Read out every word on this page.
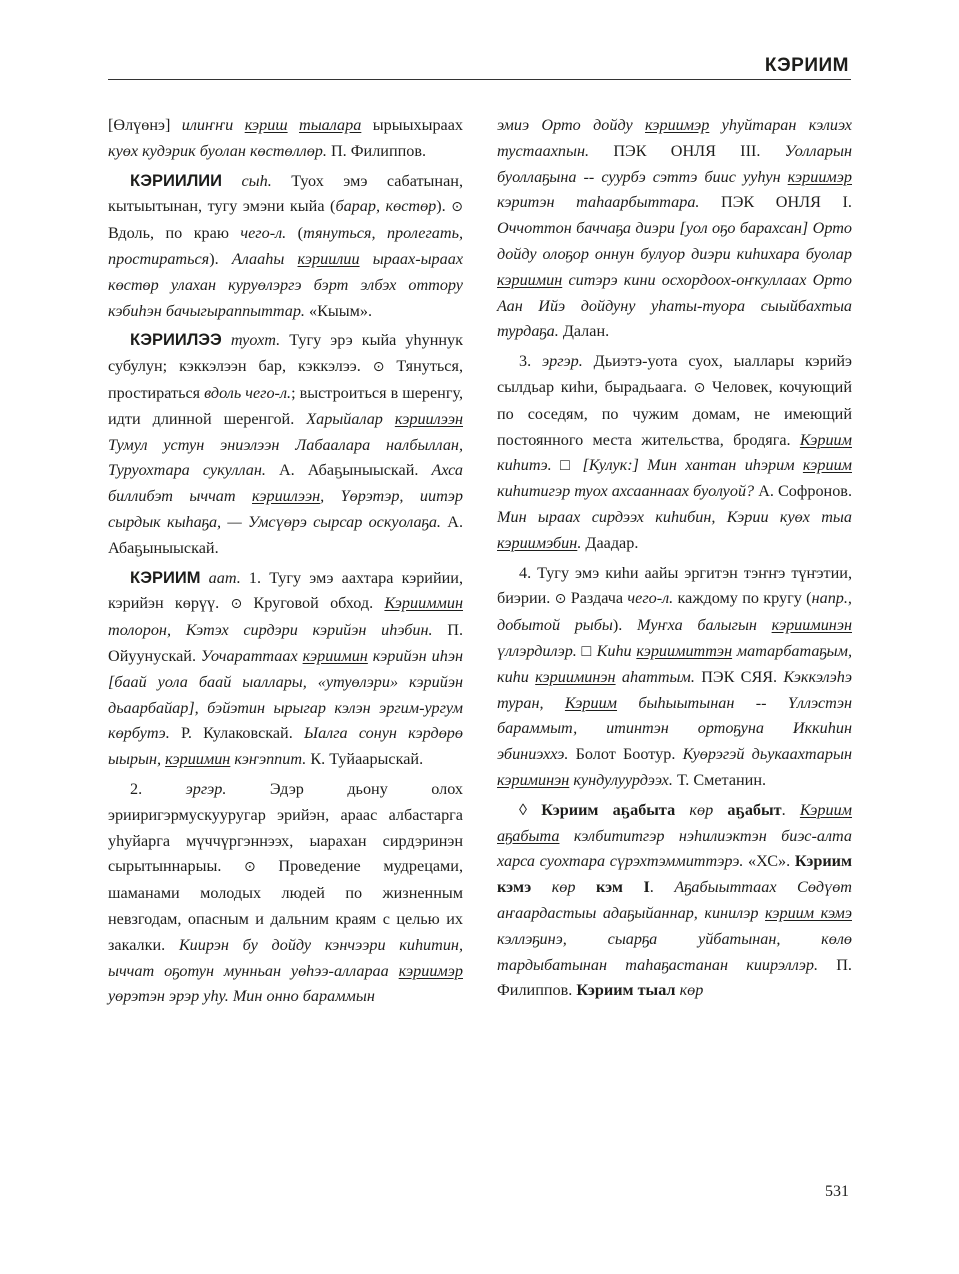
КЭРИИМ

[Өлүөнэ] илиҥҥи кэриш тыалара ырыыхыраах куөх кудэрик буолан көстөллөр. П. Филиппов.

КЭРИИЛИИ сыһ. Туох эмэ сабатынан, кытыытынан, тугу эмэни кыйа (барар, көстөр). ⊙ Вдоль, по краю чего-л. (тянуться, пролегать, простираться). Алааһы кэриилии ыраах-ыраах көстөр улахан куруөлэргэ бэрт элбэх оттору кэбиһэн бачыгыраппыттар. «Кыым».

КЭРИИЛЭЭ туохт. Тугу эрэ кыйа уһуннук субулун; кэккэлээн бар, кэккэлээ. ⊙ Тянуться, простираться вдоль чего-л.; выстроиться в шеренгу, идти длинной шеренгой. Харыйалар кэриилээн Тумул устун эниэлээн Лабаалара налбыллан, Туруохтара сукуллан. А. Абаҕыныыскай. Ахса биллибэт ыччат кэриилээн, Үөрэтэр, иитэр сырдык кыһаҕа, — Умсүөрэ сырсар оскуолаҕа. А. Абаҕыныыскай.

КЭРИИМ аат. 1. Тугу эмэ аахтара кэрийии, кэрийэн көрүү. ⊙ Круговой обход. Кэрииммин толорон, Кэтэх сирдэри кэрийэн иһэбин. П. Ойуунускай. Уочараттаах кэриимин кэрийэн иһэн [баай уола баай ыаллары, «утуөлэри» кэрийэн дьаарбайар], бэйэтин ырыгар кэлэн эргим-ургум көрбутэ. Р. Кулаковскай. Ыалга сонун кэрдөрө ыырын, кэриимин кэҥэппит. К. Туйаарыскай.

2. эргэр. Эдэр дьону олох эрииригэрмускууругар эрийэн, араас албастарга уһуйарга мүччүргэннээх, ыарахан сирдэринэн сырытыннарыы. ⊙ Проведение мудрецами, шаманами молодых людей по жизненным невзгодам, опасным и дальним краям с целью их закалки. Киирэн бу дойду кэнчээри киһитин, ыччат оҕотун мунньан уөһээ-алларaа кэриимэр уөрэтэн эрэр уһу. Мин онно бараммын

эмиэ Орто дойду кэриимэр уһуйтаран кэлиэх тустаахпын. ПЭК ОНЛЯ III. Уолларын буоллаҕына -- суурбэ сэттэ биис ууһун кэриимэр кэритэн таһаарбыттара. ПЭК ОНЛЯ I. Оччоттон баччаҕа диэри [уол оҕо барахсан] Орто дойду олоҕор оннун булуор диэри киһихара буолар кэриимин ситэрэ кини осхордоох-оҥкуллаах Орто Аан Ийэ дойдуну уһаты-туора сыыйбахтыа турдаҕа. Далан.

3. эргэр. Дьиэтэ-уота суох, ыаллары кэрийэ сылдьар киһи, бырадьаага. ⊙ Человек, кочующий по соседям, по чужим домам, не имеющий постоянного места жительства, бродяга. Кэриим киһитэ. □ [Кулук:] Мин хантан иһэрим кэриим киһитигэр туох ахсааннаах буолуой? А. Софронов. Мин ыраах сирдээх киһибин, Кэрии куөх тыа кэриимэбин. Даадар.

4. Тугу эмэ киһи аайы эргитэн тэҥҥэ түҥэтии, биэрии. ⊙ Раздача чего-л. каждому по кругу (напр., добытой рыбы). Муҥха балыгын кэрииминэн үллэрдилэр. □ Киһи кэриимиттэн матарбатаҕым, киһи кэрииминэн аһаттым. ПЭК СЯЯ. Кэккэлэһэ туран, Кэриим быһыытынан -- Үллэстэн барaммыт, итинтэн ортоҕуна Иккиһин эбиниэххэ. Болот Боотур. Куөрэгэй дьукаахтарын кэриминэн кундулуурдээх. Т. Сметанин.

◊ Кэриим аҕабыта көр аҕабыт. Кэриим аҕабыта кэлбититгэр нэһилиэктэн биэс-алта харса суохтара сүрэхтэммиттэрэ. «ХС». Кэриим кэмэ көр кэм I. Аҕабыыттаах Сөдүөт аҥаардастыы адаҕыйаннар, кинилэр кэриим кэмэ кэллэҕинэ, сыарҕа уйбатынан, көлө тардыбатынан таһаҕастанан киирэллэр. П. Филиппов. Кэриим тыал көр

531
